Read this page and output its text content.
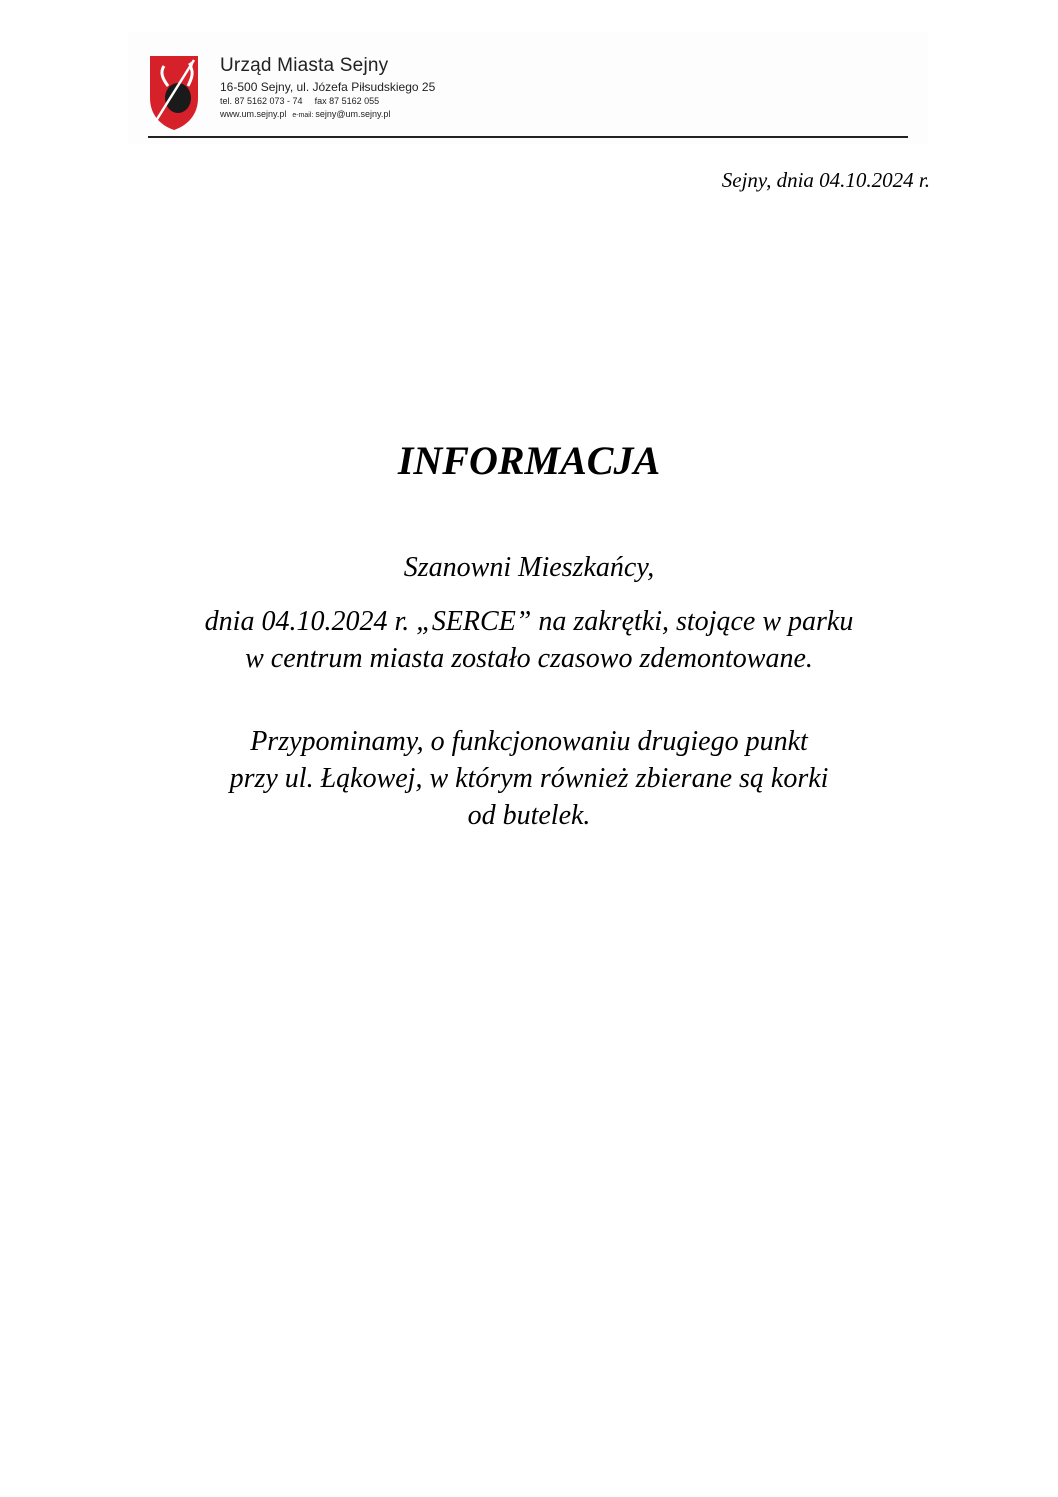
Urząd Miasta Sejny
16-500 Sejny, ul. Józefa Piłsudskiego 25
tel. 87 5162 073 - 74 fax 87 5162 055
www.um.sejny.pl e-mail: sejny@um.sejny.pl
Sejny, dnia 04.10.2024 r.
INFORMACJA
Szanowni Mieszkańcy,
dnia 04.10.2024 r. „SERCE” na zakrętki, stojące w parku
w centrum miasta zostało czasowo zdemontowane.
Przypominamy, o funkcjonowaniu drugiego punkt
przy ul. Łąkowej, w którym również zbierane są korki
od butelek.
